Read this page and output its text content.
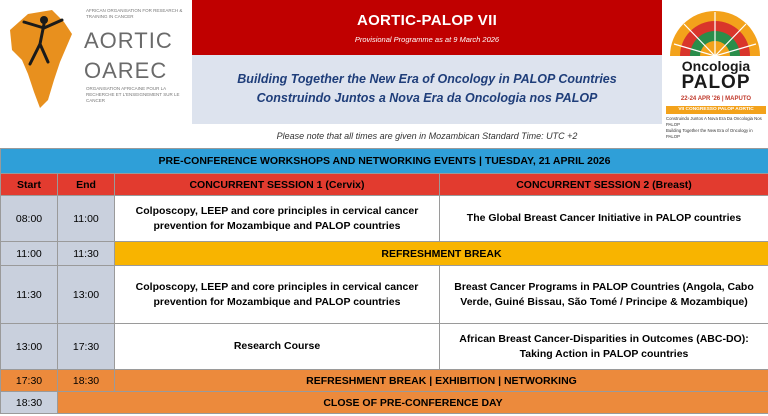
AFRICAN ORGANISATION FOR RESEARCH & TRAINING IN CANCER
AORTIC
OAREC
ORGANISATION AFRICAINE POUR LA RECHERCHE ET L'ENSEIGNEMENT SUR LE CANCER
AORTIC-PALOP VII
Provisional Programme as at 9 March 2026
Building Together the New Era of Oncology in PALOP Countries
Construindo Juntos a Nova Era da Oncologia nos PALOP
Oncologia
PALOP
22-24 APR '26 | MAPUTO
VII CONGRESSO PALOP AORTIC
Construindo Juntos A Nova Era Da Oncologia Nos PALOP
Building Together the New Era of Oncology in PALOP
Please note that all times are given in Mozambican Standard Time: UTC +2
PRE-CONFERENCE WORKSHOPS AND NETWORKING EVENTS | TUESDAY, 21 APRIL 2026			
Start	End	CONCURRENT SESSION 1 (Cervix)	CONCURRENT SESSION 2 (Breast)
08:00	11:00	Colposcopy, LEEP and core principles in cervical cancer prevention for Mozambique and PALOP countries	The Global Breast Cancer Initiative in PALOP countries
11:00	11:30	REFRESHMENT BREAK	
11:30	13:00	Colposcopy, LEEP and core principles in cervical cancer prevention for Mozambique and PALOP countries	Breast Cancer Programs in PALOP Countries (Angola, Cabo Verde, Guiné Bissau, São Tomé / Principe & Mozambique)
13:00	17:30	Research Course	African Breast Cancer-Disparities in Outcomes (ABC-DO): Taking Action in PALOP countries
17:30	18:30	REFRESHMENT BREAK | EXHIBITION | NETWORKING	
18:30	CLOSE OF PRE-CONFERENCE DAY		
